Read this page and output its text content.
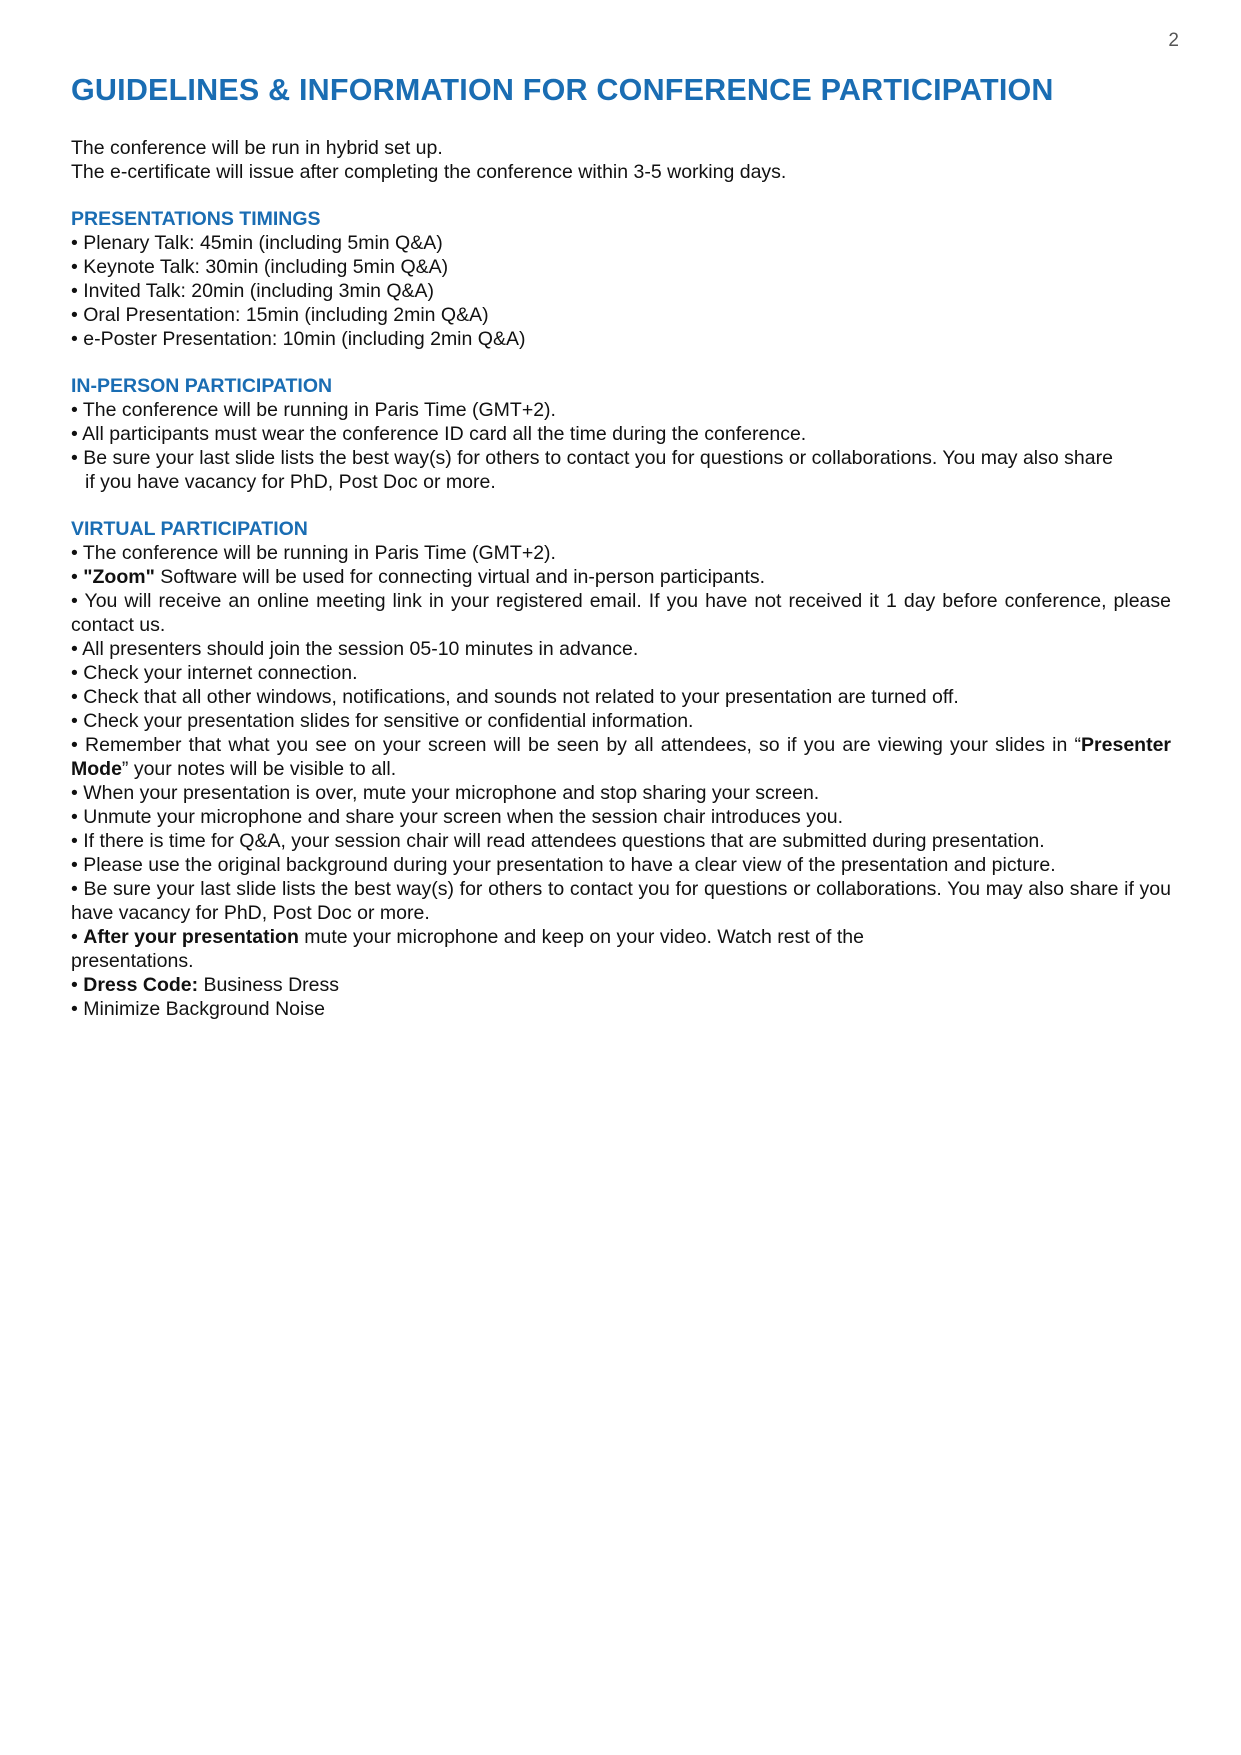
2
GUIDELINES & INFORMATION FOR CONFERENCE PARTICIPATION
The conference will be run in hybrid set up.
The e-certificate will issue after completing the conference within 3-5 working days.
PRESENTATIONS TIMINGS
• Plenary Talk: 45min (including 5min Q&A)
• Keynote Talk: 30min (including 5min Q&A)
• Invited Talk: 20min (including 3min Q&A)
• Oral Presentation: 15min (including 2min Q&A)
• e-Poster Presentation: 10min (including 2min Q&A)
IN-PERSON PARTICIPATION
• The conference will be running in Paris Time (GMT+2).
• All participants must wear the conference ID card all the time during the conference.
• Be sure your last slide lists the best way(s) for others to contact you for questions or collaborations. You may also share
if you have vacancy for PhD, Post Doc or more.
VIRTUAL PARTICIPATION
• The conference will be running in Paris Time (GMT+2).
• "Zoom" Software will be used for connecting virtual and in-person participants.
• You will receive an online meeting link in your registered email. If you have not received it 1 day before conference, please contact us.
• All presenters should join the session 05-10 minutes in advance.
• Check your internet connection.
• Check that all other windows, notifications, and sounds not related to your presentation are turned off.
• Check your presentation slides for sensitive or confidential information.
• Remember that what you see on your screen will be seen by all attendees, so if you are viewing your slides in “Presenter Mode” your notes will be visible to all.
• When your presentation is over, mute your microphone and stop sharing your screen.
• Unmute your microphone and share your screen when the session chair introduces you.
• If there is time for Q&A, your session chair will read attendees questions that are submitted during presentation.
• Please use the original background during your presentation to have a clear view of the presentation and picture.
• Be sure your last slide lists the best way(s) for others to contact you for questions or collaborations. You may also share if you have vacancy for PhD, Post Doc or more.
• After your presentation mute your microphone and keep on your video. Watch rest of the
presentations.
• Dress Code: Business Dress
• Minimize Background Noise
